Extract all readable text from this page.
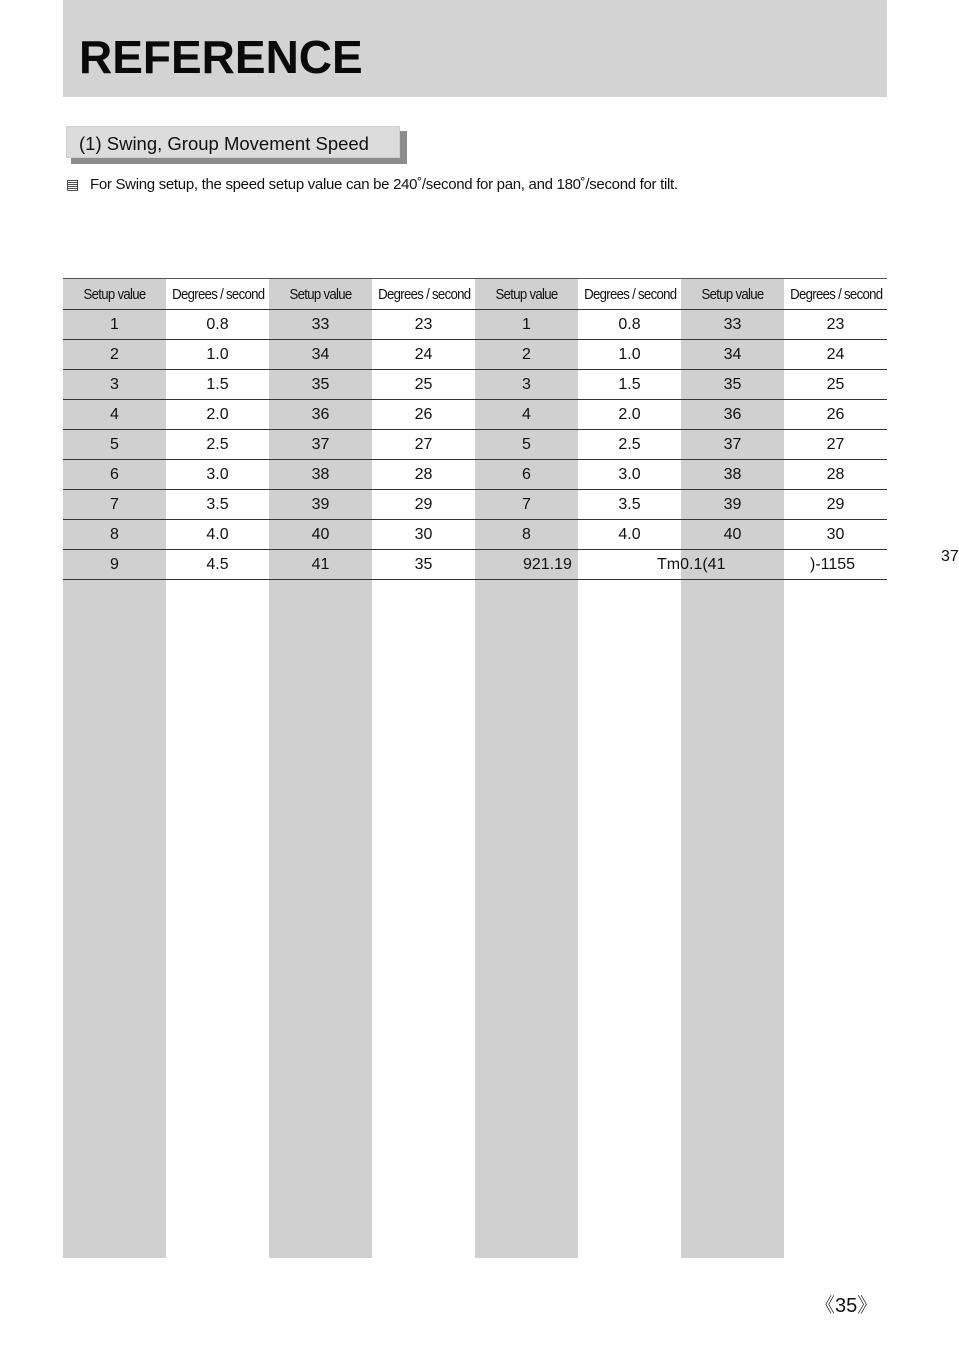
REFERENCE
(1) Swing, Group Movement Speed
▤ For Swing setup, the speed setup value can be 240˚/second for pan, and 180˚/second for tilt.
Setup value	Degrees / second	Setup value	Degrees / second	Setup value	Degrees / second	Setup value	Degrees / second
1	0.8	33	23	1	0.8	33	23
2	1.0	34	24	2	1.0	34	24
3	1.5	35	25	3	1.5	35	25
4	2.0	36	26	4	2.0	36	26
5	2.5	37	27	5	2.5	37	27
6	3.0	38	28	6	3.0	38	28
7	3.5	39	29	7	3.5	39	29
8	4.0	40	30	8	4.0	40	30
9	4.5	41	35	921.19	Tm0.1(41		)-1155	37
《35》
